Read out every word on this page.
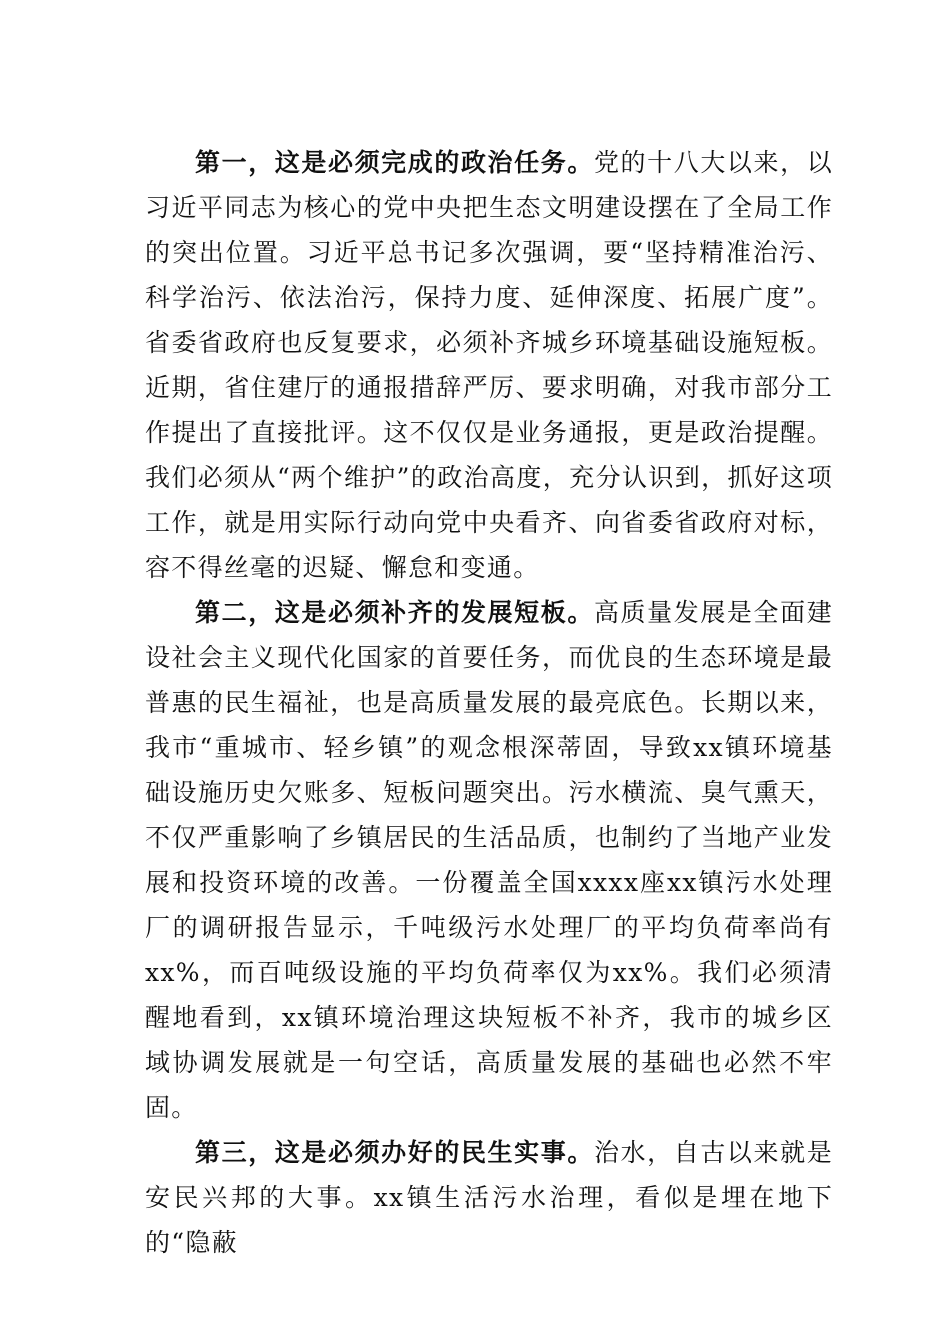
第一，这是必须完成的政治任务。党的十八大以来，以习近平同志为核心的党中央把生态文明建设摆在了全局工作的突出位置。习近平总书记多次强调，要“坚持精准治污、科学治污、依法治污，保持力度、延伸深度、拓展广度”。省委省政府也反复要求，必须补齐城乡环境基础设施短板。近期，省住建厅的通报措辞严厉、要求明确，对我市部分工作提出了直接批评。这不仅仅是业务通报，更是政治提醒。我们必须从“两个维护”的政治高度，充分认识到，抓好这项工作，就是用实际行动向党中央看齐、向省委省政府对标，容不得丝毫的迟疑、懈怠和变通。

第二，这是必须补齐的发展短板。高质量发展是全面建设社会主义现代化国家的首要任务，而优良的生态环境是最普惠的民生福祉，也是高质量发展的最亮底色。长期以来，我市“重城市、轻乡镇”的观念根深蒂固，导致xx镇环境基础设施历史欠账多、短板问题突出。污水横流、臭气熏天，不仅严重影响了乡镇居民的生活品质，也制约了当地产业发展和投资环境的改善。一份覆盖全国xxxx座xx镇污水处理厂的调研报告显示，千吨级污水处理厂的平均负荷率尚有xx%，而百吨级设施的平均负荷率仅为xx%。我们必须清醒地看到，xx镇环境治理这块短板不补齐，我市的城乡区域协调发展就是一句空话，高质量发展的基础也必然不牢固。

第三，这是必须办好的民生实事。治水，自古以来就是安民兴邦的大事。xx镇生活污水治理，看似是埋在地下的“隐蔽
